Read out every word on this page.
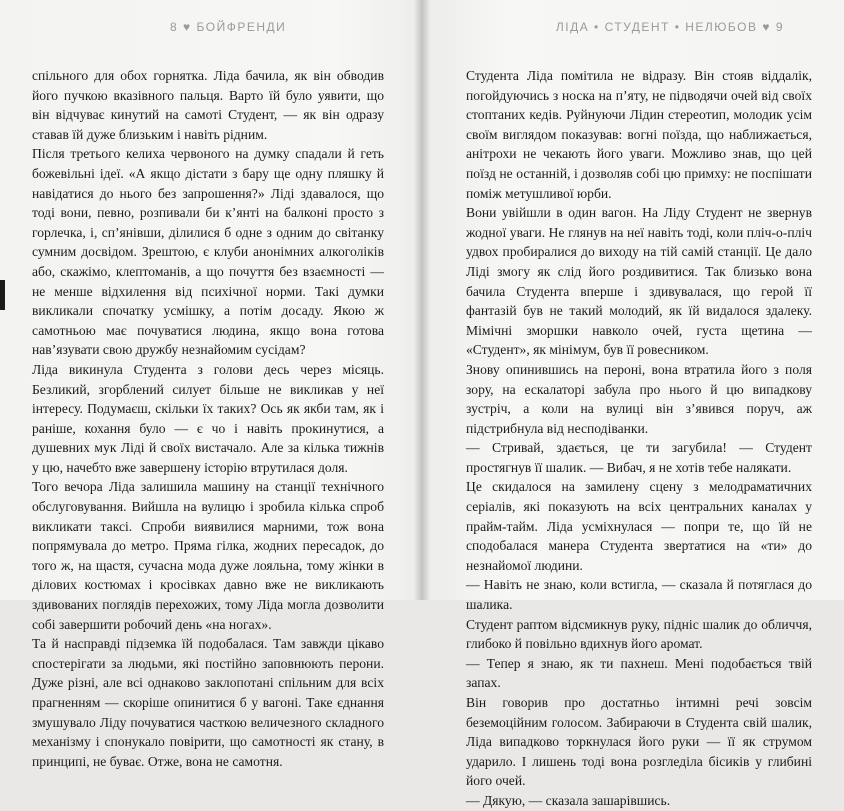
8 ♥ БОЙФРЕНДИ

спільного для обох горнятка. Ліда бачила, як він обводив його пучкою вказівного пальця. Варто їй було уявити, що він відчуває кинутий на самоті Студент, — як він одразу ставав їй дуже близьким і навіть рідним.

Після третього келиха червоного на думку спадали й геть божевільні ідеї. «А якщо дістати з бару ще одну пляшку й навідатися до нього без запрошення?» Ліді здавалося, що тоді вони, певно, розпивали би к’янті на балконі просто з горлечка, і, сп’янівши, ділилися б одне з одним до світанку сумним досвідом. Зрештою, є клуби анонімних алкоголіків або, скажімо, клептоманів, а що почуття без взаємності — не менше відхилення від психічної норми. Такі думки викликали спочатку усмішку, а потім досаду. Якою ж самотньою має почуватися людина, якщо вона готова нав’язувати свою дружбу незнайомим сусідам?

Ліда викинула Студента з голови десь через місяць. Безликий, згорблений силует більше не викликав у неї інтересу. Подумаєш, скільки їх таких? Ось як якби там, як і раніше, кохання було — є чо і навіть прокинутися, а душевних мук Ліді й своїх вистачало. Але за кілька тижнів у цю, начебто вже завершену історію втрутилася доля.

Того вечора Ліда залишила машину на станції технічного обслуговування. Вийшла на вулицю і зробила кілька спроб викликати таксі. Спроби виявилися марними, тож вона попрямувала до метро. Пряма гілка, жодних пересадок, до того ж, на щастя, сучасна мода дуже лояльна, тому жінки в ділових костюмах і кросівках давно вже не викликають здивованих поглядів перехожих, тому Ліда могла дозволити собі завершити робочий день «на ногах».

Та й насправді підземка їй подобалася. Там завжди цікаво спостерігати за людьми, які постійно заповнюють перони. Дуже різні, але всі однаково заклопотані спільним для всіх прагненням — скоріше опинитися б у вагоні. Таке єднання змушувало Ліду почуватися часткою величезного складного механізму і спонукало повірити, що самотності як стану, в принципі, не буває. Отже, вона не самотня.

ЛІДА • СТУДЕНТ • НЕЛЮБОВ ♥ 9

Студента Ліда помітила не відразу. Він стояв віддалік, погойдуючись з носка на п’яту, не підводячи очей від своїх стоптаних кедів. Руйнуючи Лідин стереотип, молодик усім своїм виглядом показував: вогні поїзда, що наближається, анітрохи не чекають його уваги. Можливо знав, що цей поїзд не останній, і дозволяв собі цю примху: не поспішати поміж метушливої юрби.

Вони увійшли в один вагон. На Ліду Студент не звернув жодної уваги. Не глянув на неї навіть тоді, коли пліч-о-пліч удвох пробиралися до виходу на тій самій станції. Це дало Ліді змогу як слід його роздивитися. Так близько вона бачила Студента вперше і здивувалася, що герой її фантазій був не такий молодий, як їй видалося здалеку. Мімічні зморшки навколо очей, густа щетина — «Студент», як мінімум, був її ровесником.

Знову опинившись на пероні, вона втратила його з поля зору, на ескалаторі забула про нього й цю випадкову зустріч, а коли на вулиці він з’явився поруч, аж підстрибнула від несподіванки.

— Стривай, здається, це ти загубила! — Студент простягнув її шалик. — Вибач, я не хотів тебе налякати.

Це скидалося на замилену сцену з мелодраматичних серіалів, які показують на всіх центральних каналах у прайм-тайм. Ліда усміхнулася — попри те, що їй не сподобалася манера Студента звертатися на «ти» до незнайомої людини.

— Навіть не знаю, коли встигла, — сказала й потяглася до шалика.

Студент раптом відсмикнув руку, підніс шалик до обличчя, глибоко й повільно вдихнув його аромат.

— Тепер я знаю, як ти пахнеш. Мені подобається твій запах.

Він говорив про достатньо інтимні речі зовсім беземоційним голосом. Забираючи в Студента свій шалик, Ліда випадково торкнулася його руки — її як струмом ударило. І лишень тоді вона розгледіла бісиків у глибині його очей.

— Дякую, — сказала зашарівшись.
